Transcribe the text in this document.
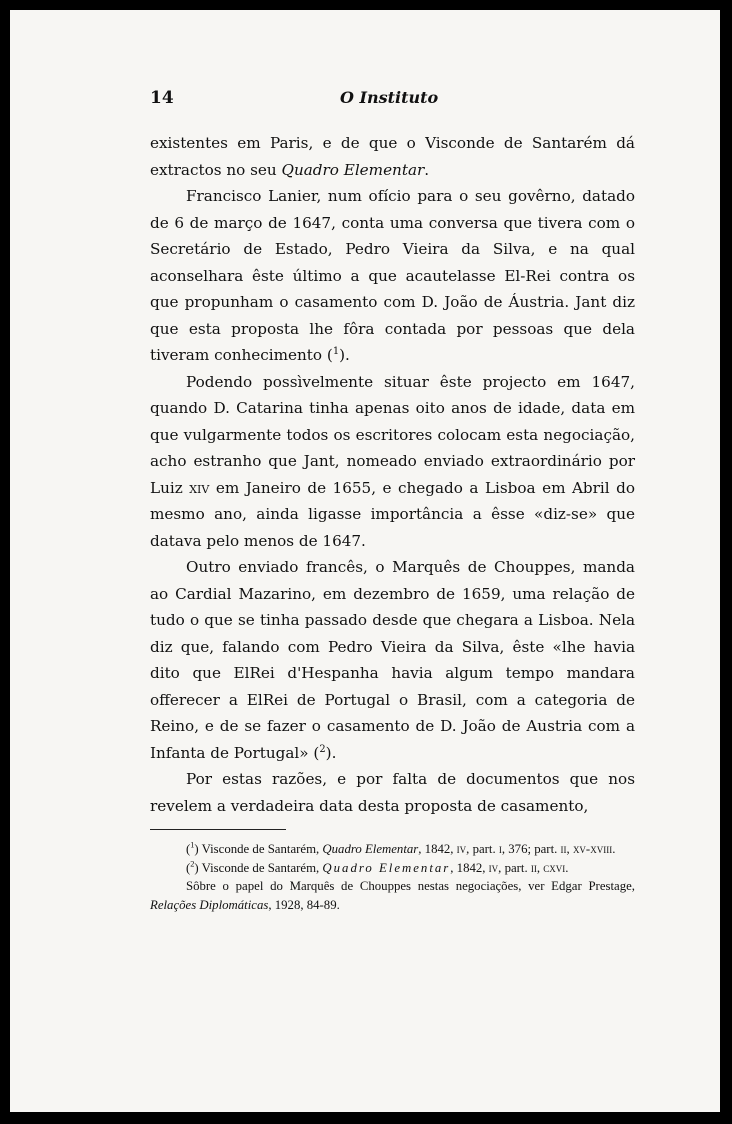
14	O Instituto

existentes em Paris, e de que o Visconde de Santarém dá extractos no seu Quadro Elementar.

Francisco Lanier, num ofício para o seu govêrno, datado de 6 de março de 1647, conta uma conversa que tivera com o Secretário de Estado, Pedro Vieira da Silva, e na qual aconselhara êste último a que acautelasse El-Rei contra os que propunham o casamento com D. João de Áustria. Jant diz que esta proposta lhe fôra contada por pessoas que dela tiveram conhecimento ($^1$).

Podendo possìvelmente situar êste projecto em 1647, quando D. Catarina tinha apenas oito anos de idade, data em que vulgarmente todos os escritores colocam esta negociação, acho estranho que Jant, nomeado enviado extraordinário por Luiz xiv em Janeiro de 1655, e chegado a Lisboa em Abril do mesmo ano, ainda ligasse importância a êsse «diz-se» que datava pelo menos de 1647.

Outro enviado francês, o Marquês de Chouppes, manda ao Cardial Mazarino, em dezembro de 1659, uma relação de tudo o que se tinha passado desde que chegara a Lisboa. Nela diz que, falando com Pedro Vieira da Silva, êste «lhe havia dito que ElRei d'Hespanha havia algum tempo mandara offerecer a ElRei de Portugal o Brasil, com a categoria de Reino, e de se fazer o casamento de D. João de Austria com a Infanta de Portugal» ($^2$).

Por estas razões, e por falta de documentos que nos revelem a verdadeira data desta proposta de casamento,

($^1$) Visconde de Santarém, Quadro Elementar, 1842, iv, part. i, 376; part. ii, xv-xviii.

($^2$) Visconde de Santarém, Quadro Elementar, 1842, iv, part. ii, cxvi.

Sôbre o papel do Marquês de Chouppes nestas negociações, ver Edgar Prestage, Relações Diplomáticas, 1928, 84-89.
